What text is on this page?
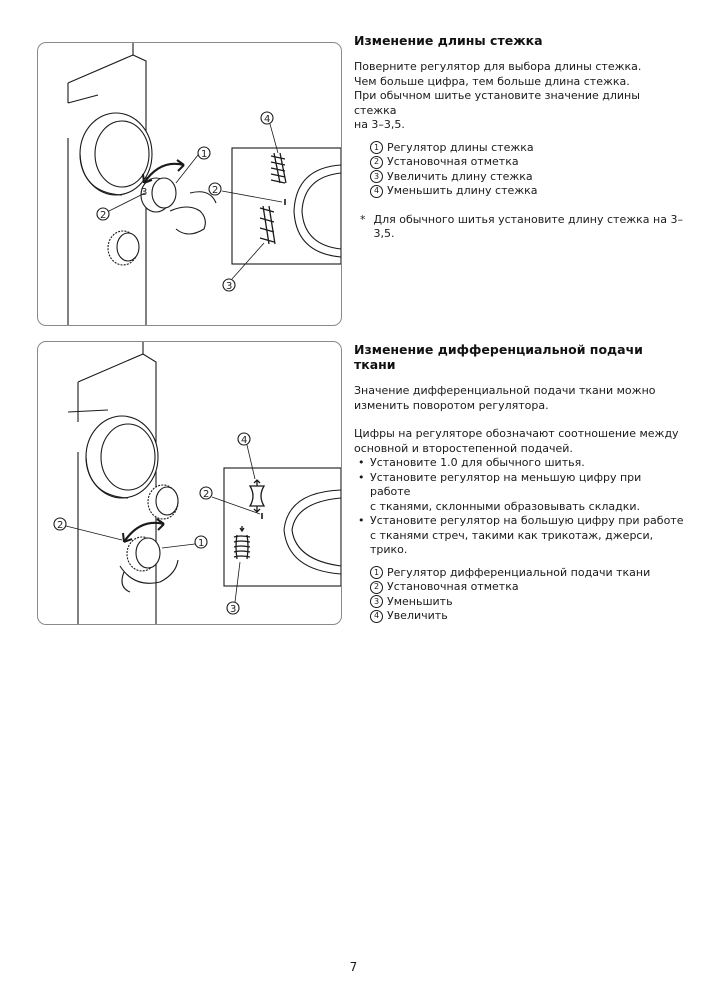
3
1
2
2
4
3
Изменение длины стежка

Поверните регулятор для выбора длины стежка.

Чем больше цифра, тем больше длина стежка.

При обычном шитье установите значение длины стежка

на 3–3,5.

1 Регулятор длины стежка
2 Установочная отметка
3 Увеличить длину стежка
4 Уменьшить длину стежка
* Для обычного шитья установите длину стежка на 3–3,5.
2
1
2
4
3
Изменение дифференциальной подачи ткани

Значение дифференциальной подачи ткани можно

изменить поворотом регулятора.

Цифры на регуляторе обозначают соотношение между

основной и второстепенной подачей.

• Установите 1.0 для обычного шитья.
• Установите регулятор на меньшую цифру при работе
с тканями, склонными образовывать складки.
• Установите регулятор на большую цифру при работе
с тканями стреч, такими как трикотаж, джерси, трико.
1 Регулятор дифференциальной подачи ткани
2 Установочная отметка
3 Уменьшить
4 Увеличить
7
